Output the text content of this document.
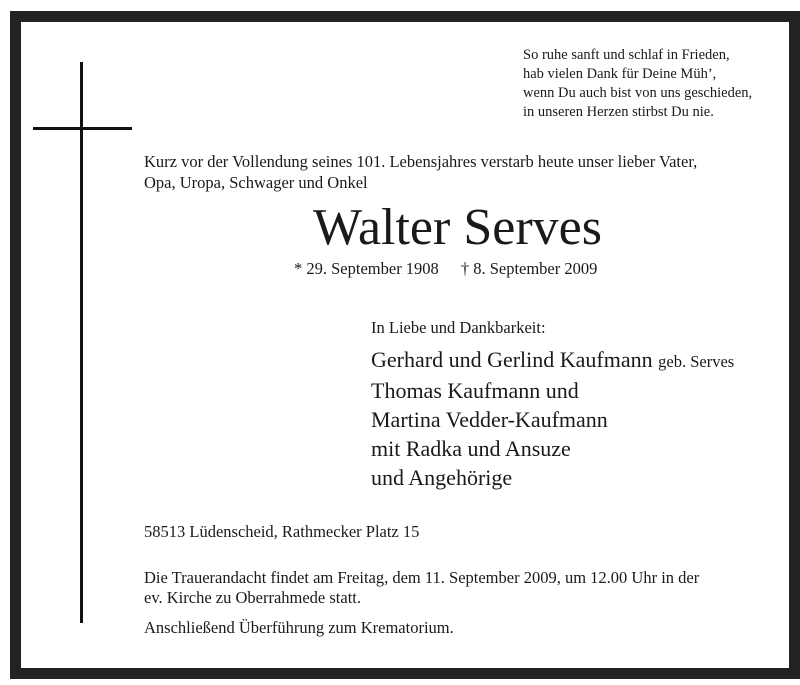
So ruhe sanft und schlaf in Frieden,
hab vielen Dank für Deine Müh’,
wenn Du auch bist von uns geschieden,
in unseren Herzen stirbst Du nie.
Kurz vor der Vollendung seines 101. Lebensjahres verstarb heute unser lieber Vater,
Opa, Uropa, Schwager und Onkel
Walter Serves
* 29. September 1908 † 8. September 2009
In Liebe und Dankbarkeit:
Gerhard und Gerlind Kaufmann geb. Serves
Thomas Kaufmann und
Martina Vedder-Kaufmann
mit Radka und Ansuze
und Angehörige
58513 Lüdenscheid, Rathmecker Platz 15
Die Trauerandacht findet am Freitag, dem 11. September 2009, um 12.00 Uhr in der
ev. Kirche zu Oberrahmede statt.
Anschließend Überführung zum Krematorium.
